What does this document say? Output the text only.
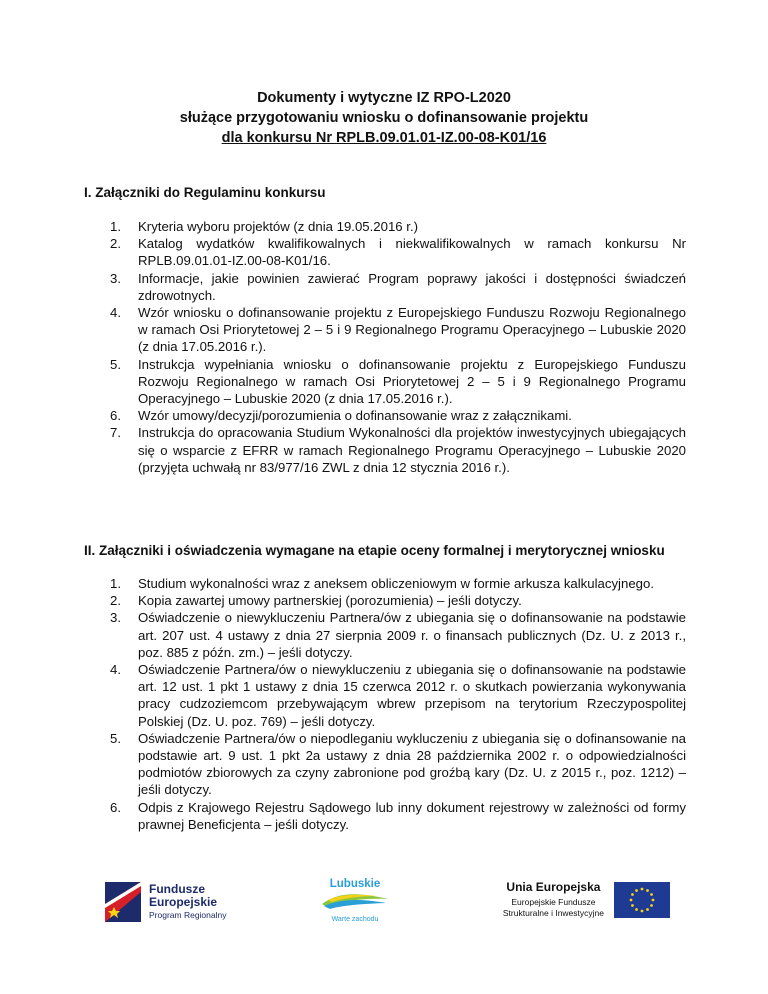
Dokumenty i wytyczne IZ RPO-L2020
służące przygotowaniu wniosku o dofinansowanie projektu
dla konkursu Nr RPLB.09.01.01-IZ.00-08-K01/16
I. Załączniki do Regulaminu konkursu
1. Kryteria wyboru projektów (z dnia 19.05.2016 r.)
2. Katalog wydatków kwalifikowalnych i niekwalifikowalnych w ramach konkursu Nr RPLB.09.01.01-IZ.00-08-K01/16.
3. Informacje, jakie powinien zawierać Program poprawy jakości i dostępności świadczeń zdrowotnych.
4. Wzór wniosku o dofinansowanie projektu z Europejskiego Funduszu Rozwoju Regionalnego w ramach Osi Priorytetowej 2 – 5 i 9 Regionalnego Programu Operacyjnego – Lubuskie 2020 (z dnia 17.05.2016 r.).
5. Instrukcja wypełniania wniosku o dofinansowanie projektu z Europejskiego Funduszu Rozwoju Regionalnego w ramach Osi Priorytetowej 2 – 5 i 9 Regionalnego Programu Operacyjnego – Lubuskie 2020 (z dnia 17.05.2016 r.).
6. Wzór umowy/decyzji/porozumienia o dofinansowanie wraz z załącznikami.
7. Instrukcja do opracowania Studium Wykonalności dla projektów inwestycyjnych ubiegających się o wsparcie z EFRR w ramach Regionalnego Programu Operacyjnego – Lubuskie 2020 (przyjęta uchwałą nr 83/977/16 ZWL z dnia 12 stycznia 2016 r.).
II. Załączniki i oświadczenia wymagane na etapie oceny formalnej i merytorycznej wniosku
1. Studium wykonalności wraz z aneksem obliczeniowym w formie arkusza kalkulacyjnego.
2. Kopia zawartej umowy partnerskiej (porozumienia) – jeśli dotyczy.
3. Oświadczenie o niewykluczeniu Partnera/ów z ubiegania się o dofinansowanie na podstawie art. 207 ust. 4 ustawy z dnia 27 sierpnia 2009 r. o finansach publicznych (Dz. U. z 2013 r., poz. 885 z późn. zm.) – jeśli dotyczy.
4. Oświadczenie Partnera/ów o niewykluczeniu z ubiegania się o dofinansowanie na podstawie art. 12 ust. 1 pkt 1 ustawy z dnia 15 czerwca 2012 r. o skutkach powierzania wykonywania pracy cudzoziemcom przebywającym wbrew przepisom na terytorium Rzeczypospolitej Polskiej (Dz. U. poz. 769) – jeśli dotyczy.
5. Oświadczenie Partnera/ów o niepodleganiu wykluczeniu z ubiegania się o dofinansowanie na podstawie art. 9 ust. 1 pkt 2a ustawy z dnia 28 października 2002 r. o odpowiedzialności podmiotów zbiorowych za czyny zabronione pod groźbą kary (Dz. U. z 2015 r., poz. 1212) – jeśli dotyczy.
6. Odpis z Krajowego Rejestru Sądowego lub inny dokument rejestrowy w zależności od formy prawnej Beneficjenta – jeśli dotyczy.
Fundusze
Europejskie
Program Regionalny
Lubuskie
Warte zachodu
Unia Europejska
Europejskie Fundusze
Strukturalne i Inwestycyjne
